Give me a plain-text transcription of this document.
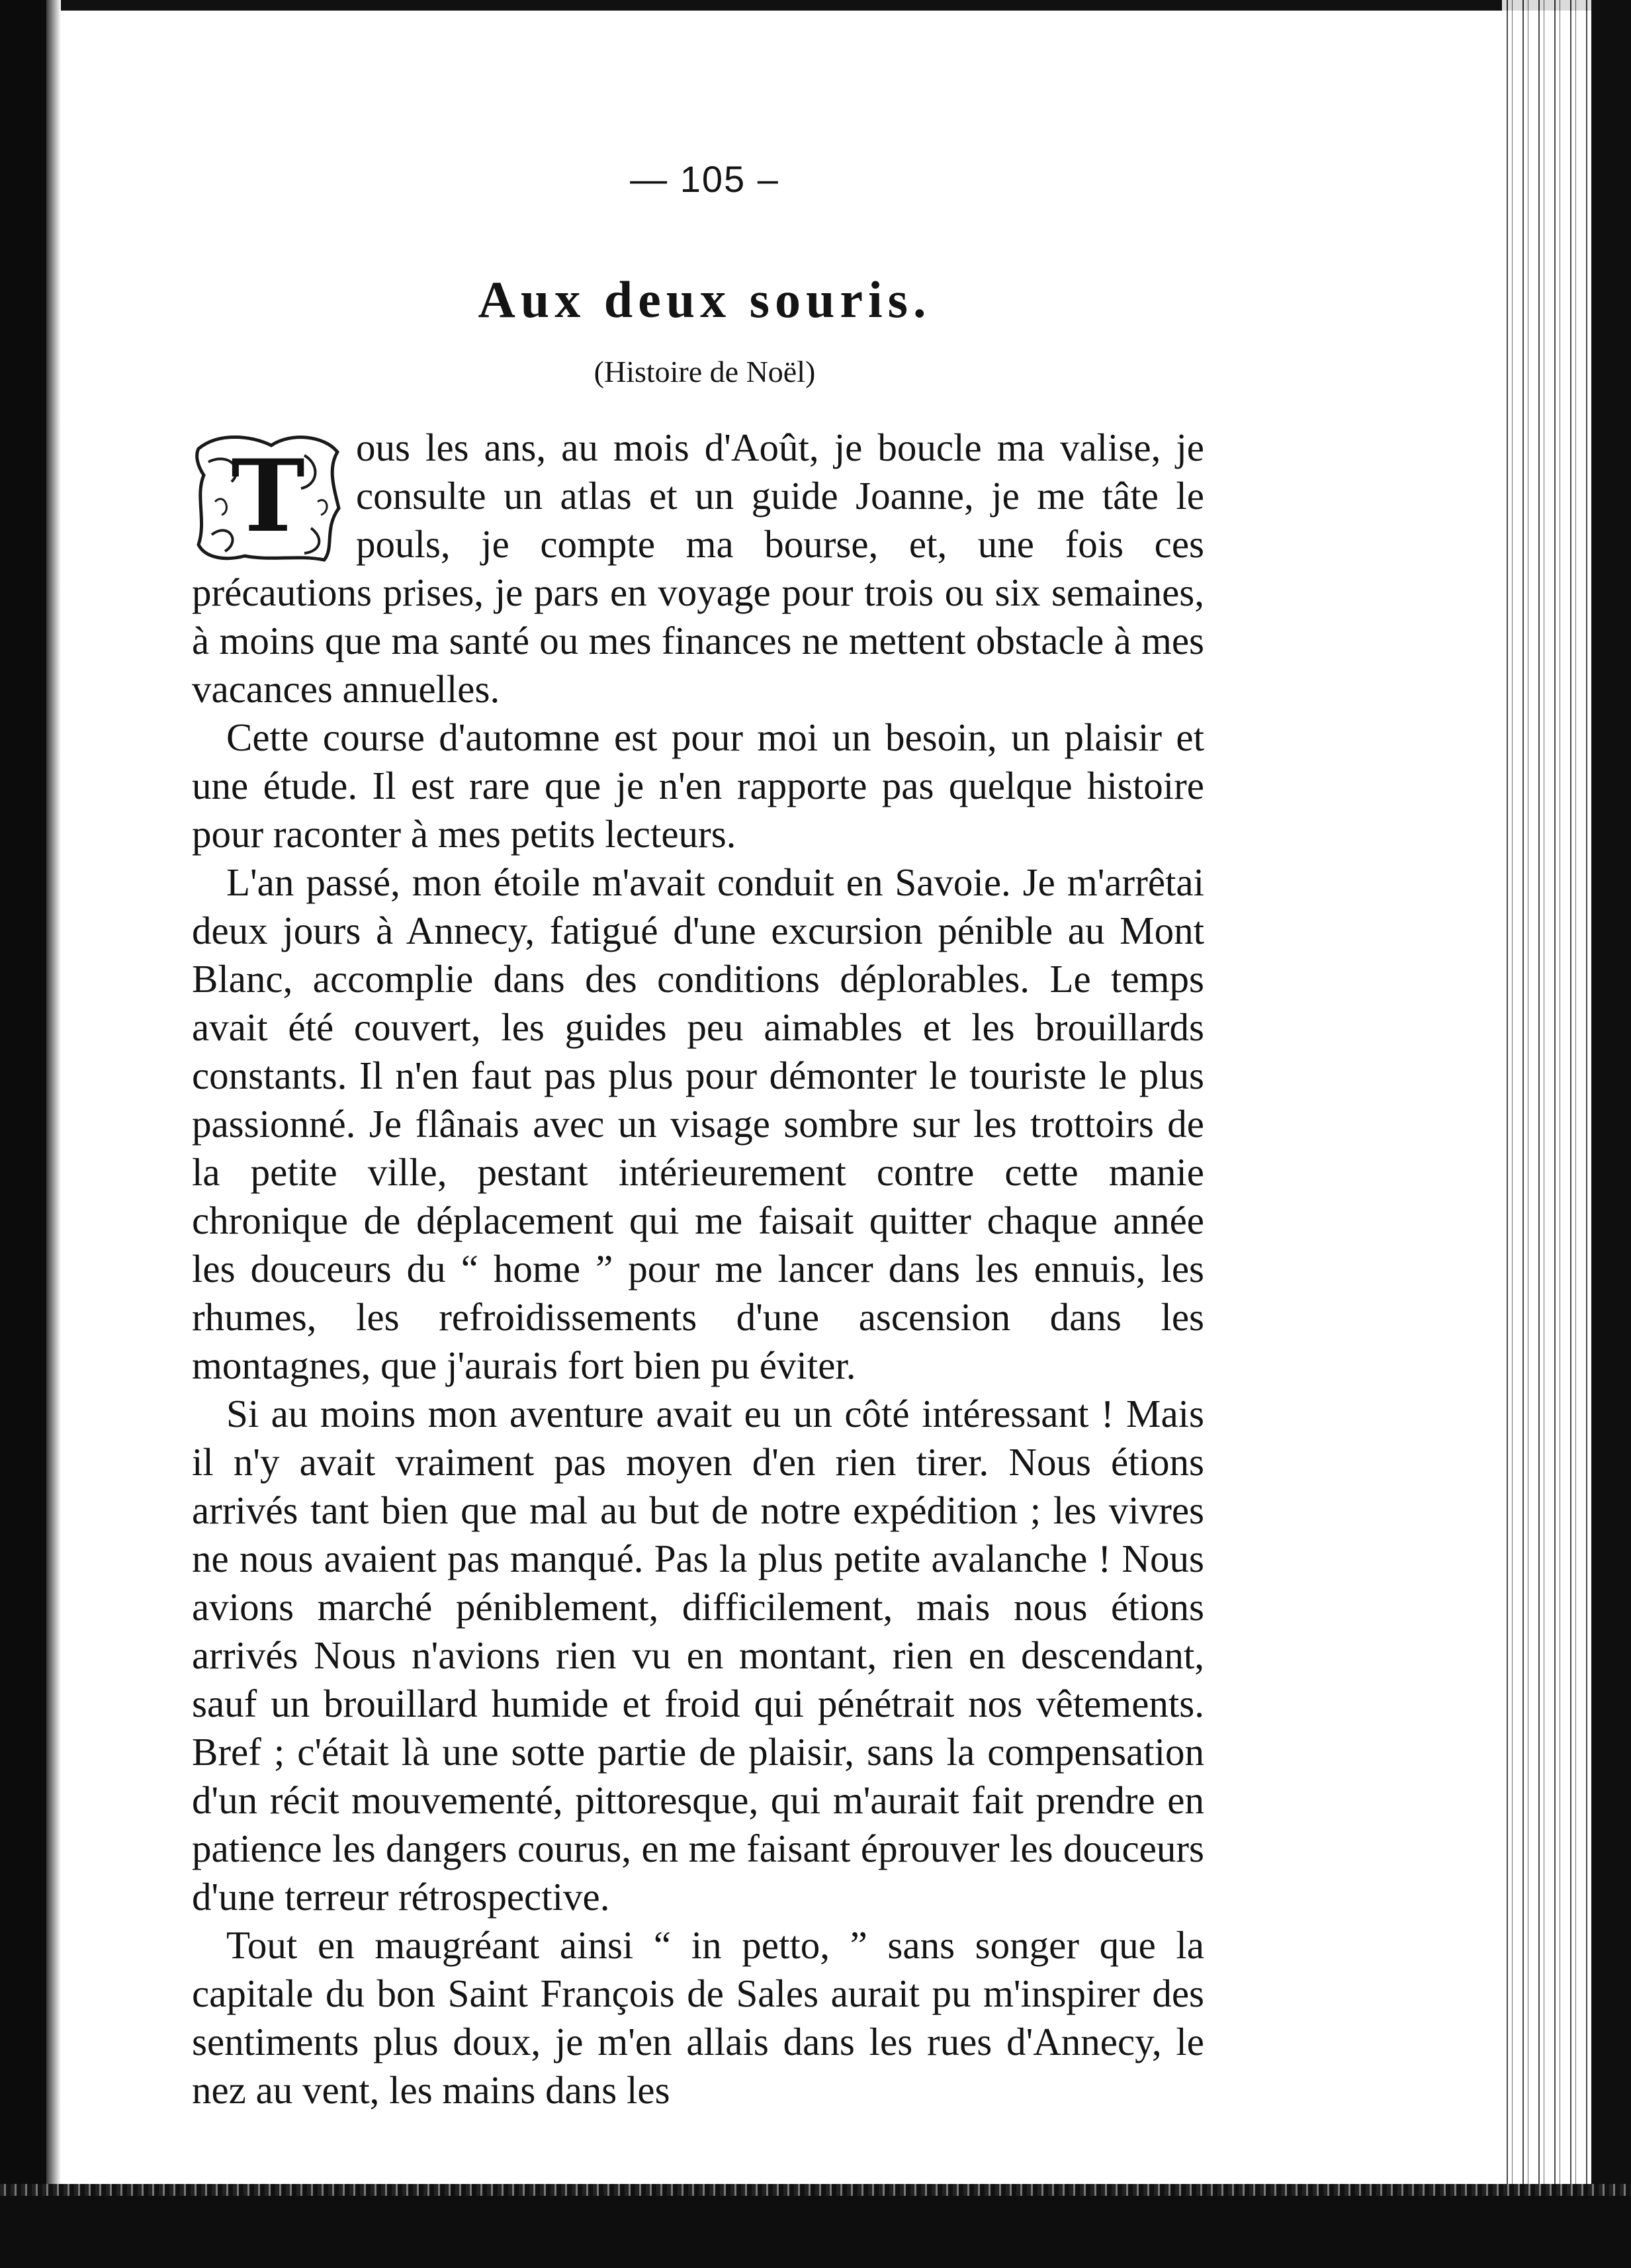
— 105 –
Aux deux souris.
(Histoire de Noël)
T	ous les ans, au mois d'Août, je boucle ma valise, je consulte un atlas et un guide Joanne, je me tâte le pouls, je compte ma bourse, et, une fois ces précautions prises, je pars en voyage pour trois ou six semaines, à moins que ma santé ou mes finances ne mettent obstacle à mes vacances annuelles.

Cette course d'automne est pour moi un besoin, un plaisir et une étude. Il est rare que je n'en rapporte pas quelque histoire pour raconter à mes petits lecteurs.

L'an passé, mon étoile m'avait conduit en Savoie. Je m'arrêtai deux jours à Annecy, fatigué d'une excursion pénible au Mont Blanc, accomplie dans des conditions déplorables. Le temps avait été couvert, les guides peu aimables et les brouillards constants. Il n'en faut pas plus pour démonter le touriste le plus passionné. Je flânais avec un visage sombre sur les trottoirs de la petite ville, pestant intérieurement contre cette manie chronique de déplacement qui me faisait quitter chaque année les douceurs du “ home ” pour me lancer dans les ennuis, les rhumes, les refroidissements d'une ascension dans les montagnes, que j'aurais fort bien pu éviter.

Si au moins mon aventure avait eu un côté intéressant ! Mais il n'y avait vraiment pas moyen d'en rien tirer. Nous étions arrivés tant bien que mal au but de notre expédition ; les vivres ne nous avaient pas manqué. Pas la plus petite avalanche ! Nous avions marché péniblement, difficilement, mais nous étions arrivés Nous n'avions rien vu en montant, rien en descendant, sauf un brouillard humide et froid qui pénétrait nos vêtements. Bref ; c'était là une sotte partie de plaisir, sans la compensation d'un récit mouvementé, pittoresque, qui m'aurait fait prendre en patience les dangers courus, en me faisant éprouver les douceurs d'une terreur rétrospective.

Tout en maugréant ainsi “ in petto, ” sans songer que la capitale du bon Saint François de Sales aurait pu m'inspirer des sentiments plus doux, je m'en allais dans les rues d'Annecy, le nez au vent, les mains dans les
